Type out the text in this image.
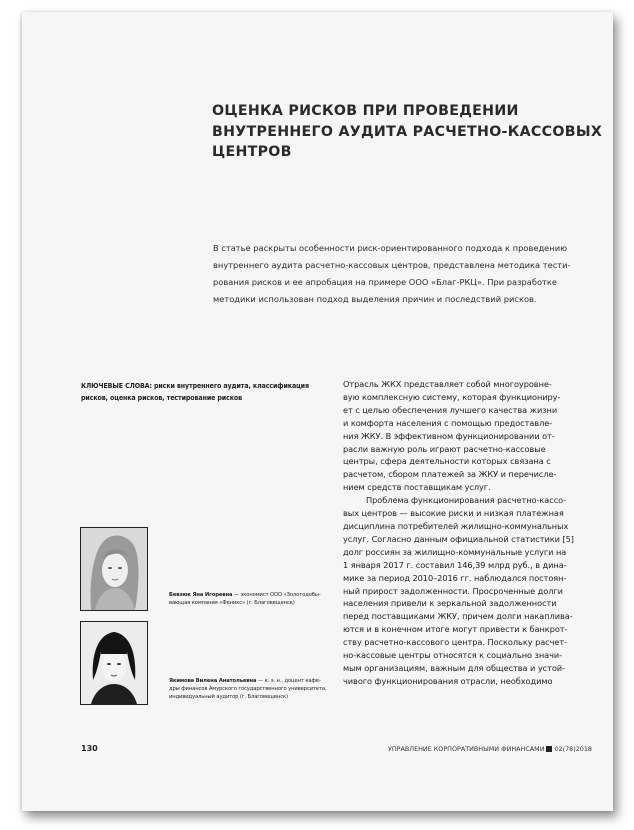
ОЦЕНКА РИСКОВ ПРИ ПРОВЕДЕНИИ
ВНУТРЕННЕГО АУДИТА РАСЧЕТНО-КАССОВЫХ
ЦЕНТРОВ

В статье раскрыты особенности риск-ориентированного подхода к проведению
внутреннего аудита расчетно-кассовых центров, представлена методика тести-
рования рисков и ее апробация на примере ООО «Благ-РКЦ». При разработке
методики использован подход выделения причин и последствий рисков.

КЛЮЧЕВЫЕ СЛОВА: риски внутреннего аудита, классификация
рисков, оценка рисков, тестирование рисков

Бевзюк Яна Игоревна — экономист ООО «Золотодобы-
вающая компания «Феникс» (г. Благовещенск)

Якимова Вилена Анатольевна — к. э. н., доцент кафе-
дры финансов Амурского государственного университета,
индивидуальный аудитор (г. Благовещенск)

Отрасль ЖКХ представляет собой многоуровне-
вую комплексную систему, которая функциониру-
ет с целью обеспечения лучшего качества жизни
и комфорта населения с помощью предоставле-
ния ЖКУ. В эффективном функционировании от-
расли важную роль играют расчетно-кассовые
центры, сфера деятельности которых связана с
расчетом, сбором платежей за ЖКУ и перечисле-
нием средств поставщикам услуг.
Проблема функционирования расчетно-кассо-
вых центров — высокие риски и низкая платежная
дисциплина потребителей жилищно-коммунальных
услуг. Согласно данным официальной статистики [5]
долг россиян за жилищно-коммунальные услуги на
1 января 2017 г. составил 146,39 млрд руб., в дина-
мике за период 2010–2016 гг. наблюдался постоян-
ный прирост задолженности. Просроченные долги
населения привели к зеркальной задолженности
перед поставщиками ЖКУ, причем долги накаплива-
ются и в конечном итоге могут привести к банкрот-
ству расчетно-кассового центра. Поскольку расчет-
но-кассовые центры относятся к социально значи-
мым организациям, важным для общества и устой-
чивого функционирования отрасли, необходимо
130	УПРАВЛЕНИЕ КОРПОРАТИВНЫМИ ФИНАНСАМИ 02(78)2018
